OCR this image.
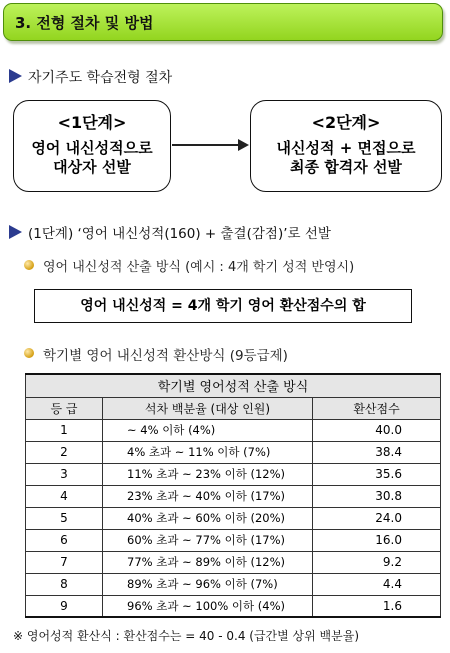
3. 전형 절차 및 방법
자기주도 학습전형 절차
<1단계>
영어 내신성적으로
대상자 선발
<2단계>
내신성적 + 면접으로
최종 합격자 선발
(1단계) ‘영어 내신성적(160) + 출결(감점)’로 선발
영어 내신성적 산출 방식 (예시 : 4개 학기 성적 반영시)
영어 내신성적 = 4개 학기 영어 환산점수의 합
학기별 영어 내신성적 환산방식 (9등급제)
학기별 영어성적 산출 방식		
등 급	석차 백분율 (대상 인원)	환산점수
1	~ 4% 이하 (4%)	40.0
2	4% 초과 ~ 11% 이하 (7%)	38.4
3	11% 초과 ~ 23% 이하 (12%)	35.6
4	23% 초과 ~ 40% 이하 (17%)	30.8
5	40% 초과 ~ 60% 이하 (20%)	24.0
6	60% 초과 ~ 77% 이하 (17%)	16.0
7	77% 초과 ~ 89% 이하 (12%)	9.2
8	89% 초과 ~ 96% 이하 (7%)	4.4
9	96% 초과 ~ 100% 이하 (4%)	1.6
※ 영어성적 환산식 : 환산점수는 = 40 - 0.4 (급간별 상위 백분율)
